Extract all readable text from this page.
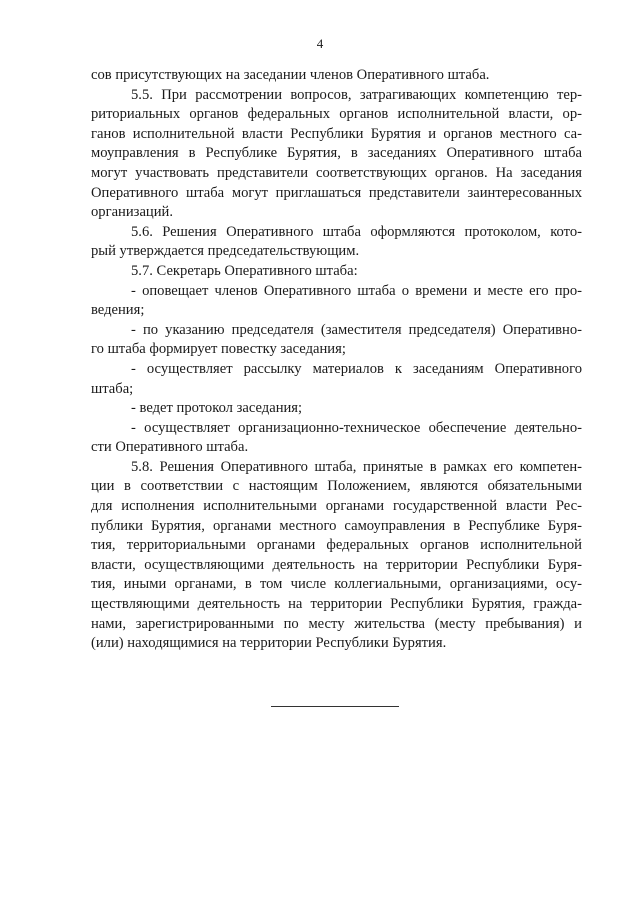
4
сов присутствующих на заседании членов Оперативного штаба.
5.5. При рассмотрении вопросов, затрагивающих компетенцию тер-
риториальных органов федеральных органов исполнительной власти, ор-
ганов исполнительной власти Республики Бурятия и органов местного са-
моуправления в Республике Бурятия, в заседаниях Оперативного штаба
могут участвовать представители соответствующих органов. На заседания
Оперативного штаба могут приглашаться представители заинтересованных
организаций.
5.6. Решения Оперативного штаба оформляются протоколом, кото-
рый утверждается председательствующим.
5.7. Секретарь Оперативного штаба:
- оповещает членов Оперативного штаба о времени и месте его про-
ведения;
- по указанию председателя (заместителя председателя) Оперативно-
го штаба формирует повестку заседания;
- осуществляет рассылку материалов к заседаниям Оперативного
штаба;
- ведет протокол заседания;
- осуществляет организационно-техническое обеспечение деятельно-
сти Оперативного штаба.
5.8. Решения Оперативного штаба, принятые в рамках его компетен-
ции в соответствии с настоящим Положением, являются обязательными
для исполнения исполнительными органами государственной власти Рес-
публики Бурятия, органами местного самоуправления в Республике Буря-
тия, территориальными органами федеральных органов исполнительной
власти, осуществляющими деятельность на территории Республики Буря-
тия, иными органами, в том числе коллегиальными, организациями, осу-
ществляющими деятельность на территории Республики Бурятия, гражда-
нами, зарегистрированными по месту жительства (месту пребывания) и
(или) находящимися на территории Республики Бурятия.
